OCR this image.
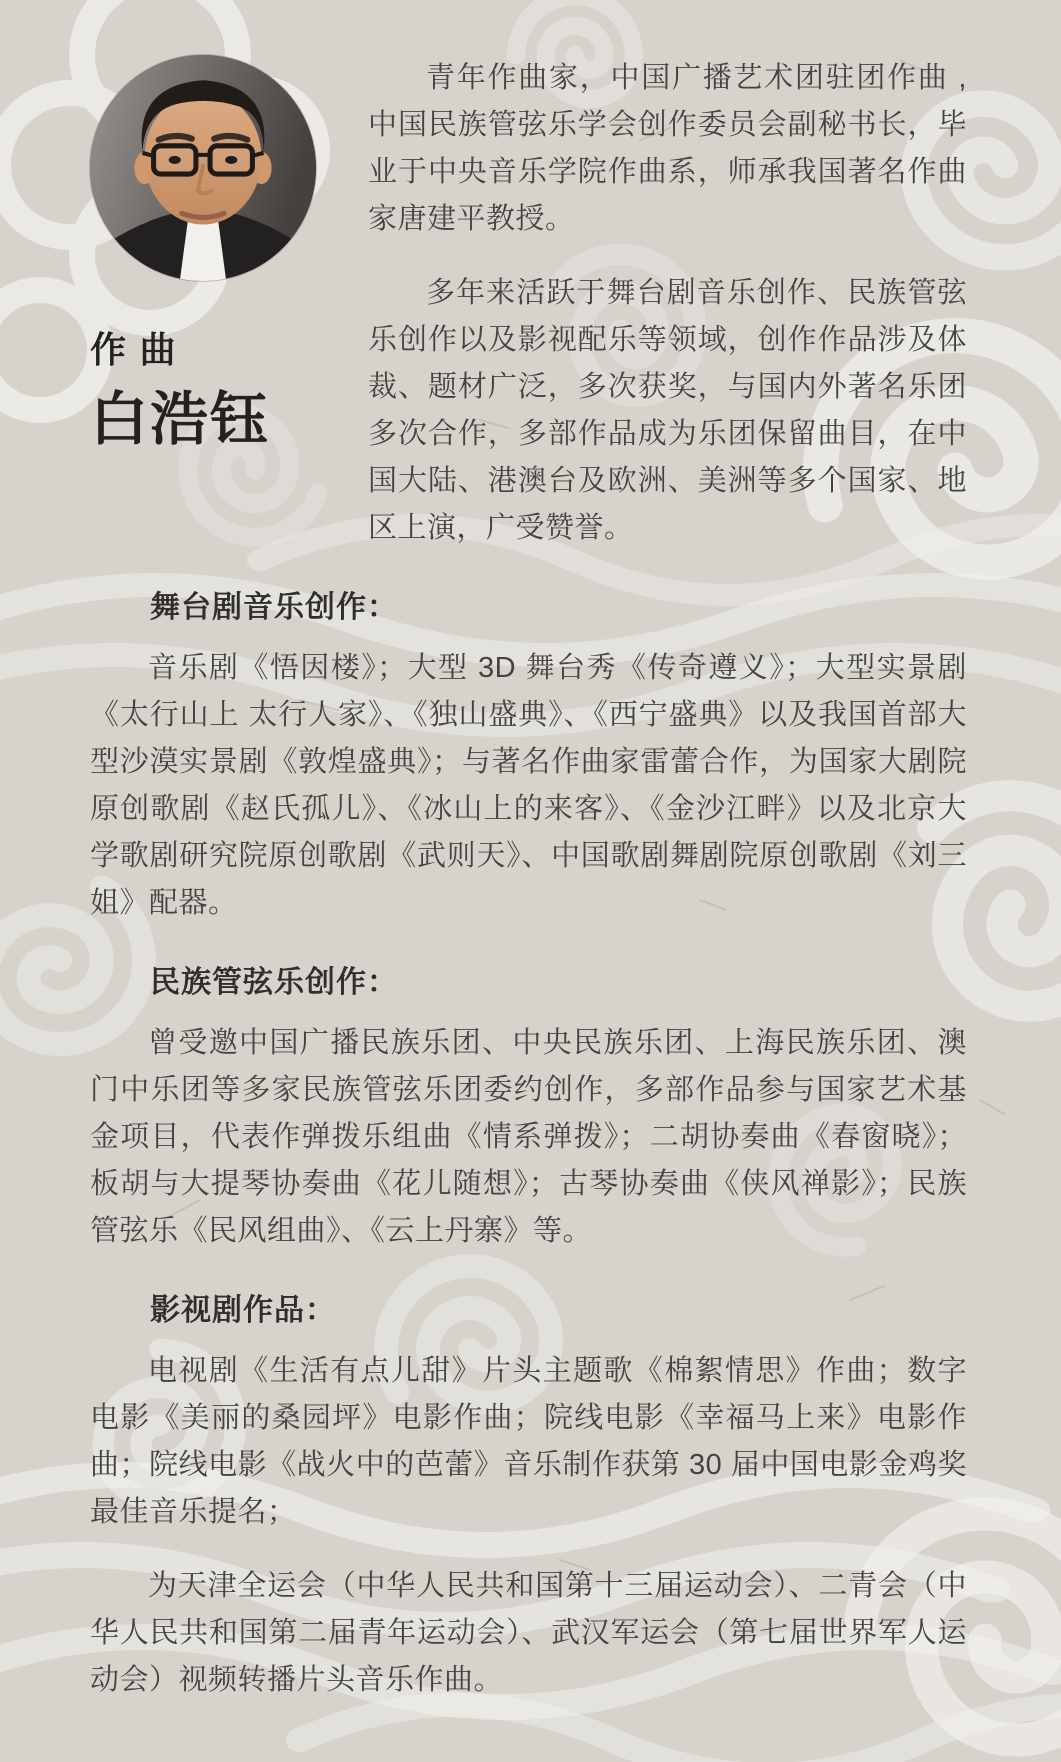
作曲
白浩钰

青年作曲家，中国广播艺术团驻团作曲 , 中国民族管弦乐学会创作委员会副秘书长，毕业于中央音乐学院作曲系，师承我国著名作曲家唐建平教授。

多年来活跃于舞台剧音乐创作、民族管弦乐创作以及影视配乐等领域，创作作品涉及体裁、题材广泛，多次获奖，与国内外著名乐团多次合作，多部作品成为乐团保留曲目，在中国大陆、港澳台及欧洲、美洲等多个国家、地区上演，广受赞誉。

舞台剧音乐创作：

音乐剧《悟因楼》；大型 3D 舞台秀《传奇遵义》；大型实景剧《太行山上 太行人家》、《独山盛典》、《西宁盛典》以及我国首部大型沙漠实景剧《敦煌盛典》；与著名作曲家雷蕾合作，为国家大剧院原创歌剧《赵氏孤儿》、《冰山上的来客》、《金沙江畔》以及北京大学歌剧研究院原创歌剧《武则天》、中国歌剧舞剧院原创歌剧《刘三姐》配器。

民族管弦乐创作：

曾受邀中国广播民族乐团、中央民族乐团、上海民族乐团、澳门中乐团等多家民族管弦乐团委约创作，多部作品参与国家艺术基金项目，代表作弹拨乐组曲《情系弹拨》；二胡协奏曲《春窗晓》；板胡与大提琴协奏曲《花儿随想》；古琴协奏曲《侠风禅影》；民族管弦乐《民风组曲》、《云上丹寨》等。

影视剧作品：

电视剧《生活有点儿甜》片头主题歌《棉絮情思》作曲；数字电影《美丽的桑园坪》电影作曲；院线电影《幸福马上来》电影作曲；院线电影《战火中的芭蕾》音乐制作获第 30 届中国电影金鸡奖最佳音乐提名；

为天津全运会（中华人民共和国第十三届运动会）、二青会（中华人民共和国第二届青年运动会）、武汉军运会（第七届世界军人运动会）视频转播片头音乐作曲。
